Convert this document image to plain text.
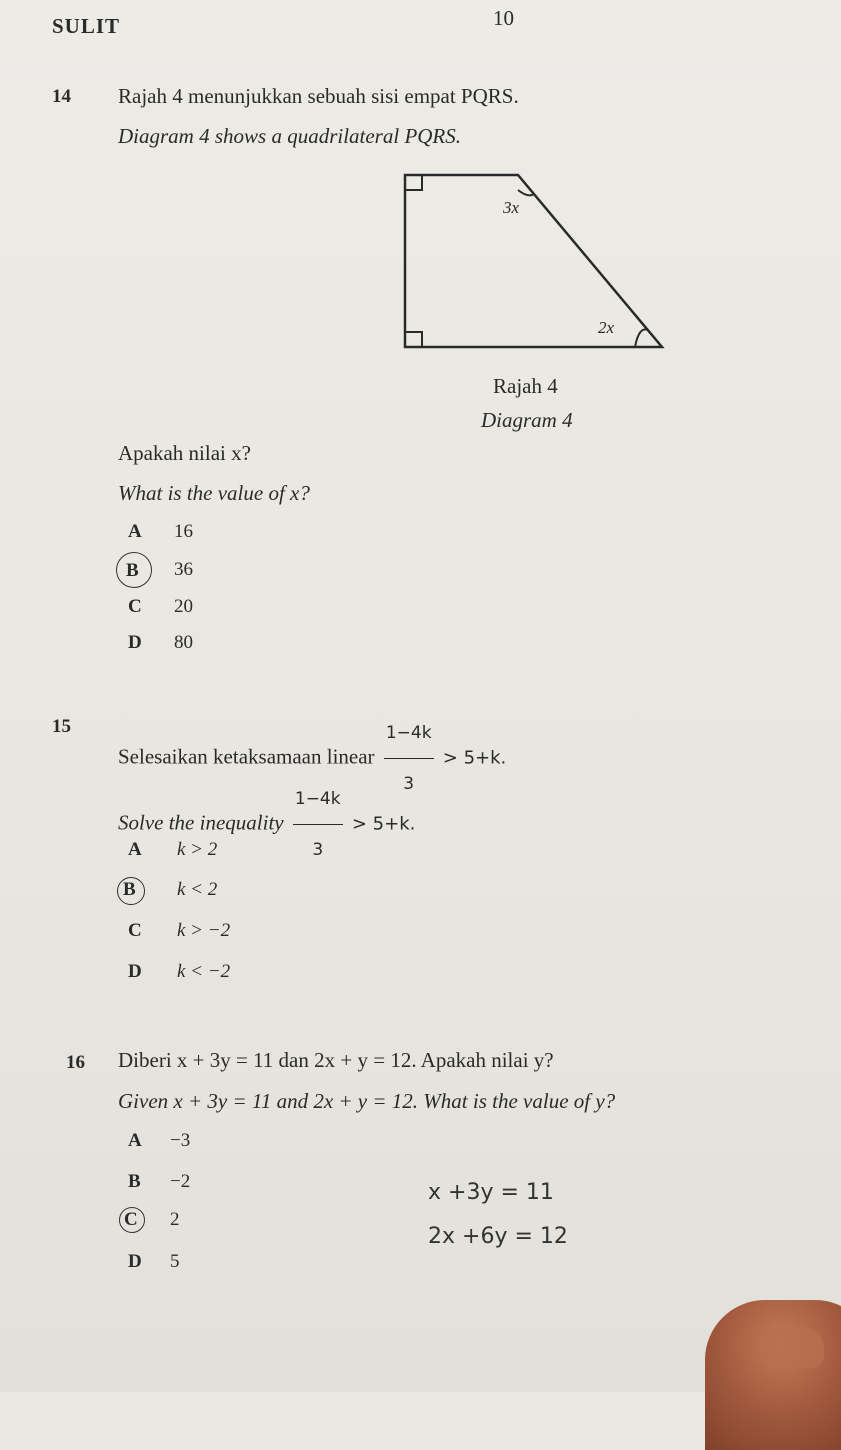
SULIT	10
14 Rajah 4 menunjukkan sebuah sisi empat PQRS.
Diagram 4 shows a quadrilateral PQRS.
3x
2x
Rajah 4
Diagram 4
Apakah nilai x?
What is the value of x?
A 16
B 36
C 20
D 80
15
Selesaikan ketaksamaan linear $\frac{1-4k}{3} > 5+k$.
Solve the inequality $\frac{1-4k}{3} > 5+k$.
A k > 2
B k < 2
C k > −2
D k < −2
16 Diberi x + 3y = 11 dan 2x + y = 12. Apakah nilai y?
Given x + 3y = 11 and 2x + y = 12. What is the value of y?
A −3
B −2
C 2
D 5
x +3y = 11
2x +6y = 12
